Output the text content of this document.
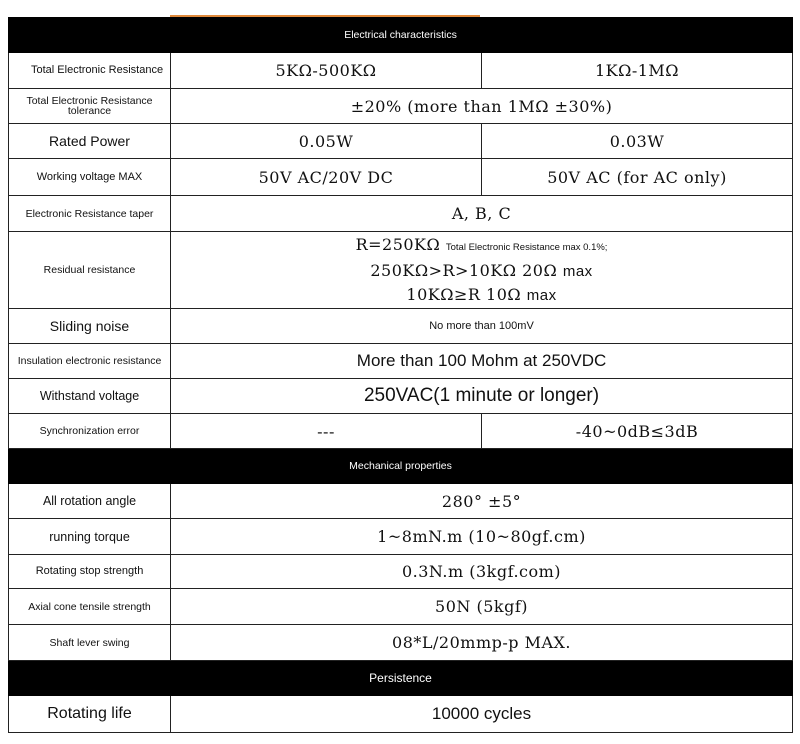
Electrical characteristics		
Total Electronic Resistance	5KΩ-500KΩ	1KΩ-1MΩ
Total Electronic Resistance tolerance	±20% (more than 1MΩ ±30%)	
Rated Power	0.05W	0.03W
Working voltage MAX	50V AC/20V DC	50V AC (for AC only)
Electronic Resistance taper	A, B, C	
Residual resistance	R=250KΩ Total Electronic Resistance max 0.1%;
250KΩ>R>10KΩ 20Ω max
10KΩ≥R 10Ω max	

Sliding noise	No more than 100mV	
Insulation electronic resistance	More than 100 Mohm at 250VDC	
Withstand voltage	250VAC(1 minute or longer)	
Synchronization error	---	-40~0dB≤3dB
Mechanical properties		
All rotation angle	280° ±5°	
running torque	1~8mN.m (10~80gf.cm)	
Rotating stop strength	0.3N.m (3kgf.com)	
Axial cone tensile strength	50N (5kgf)	
Shaft lever swing	08*L/20mmp-p MAX.	
Persistence		
Rotating life	10000 cycles	
